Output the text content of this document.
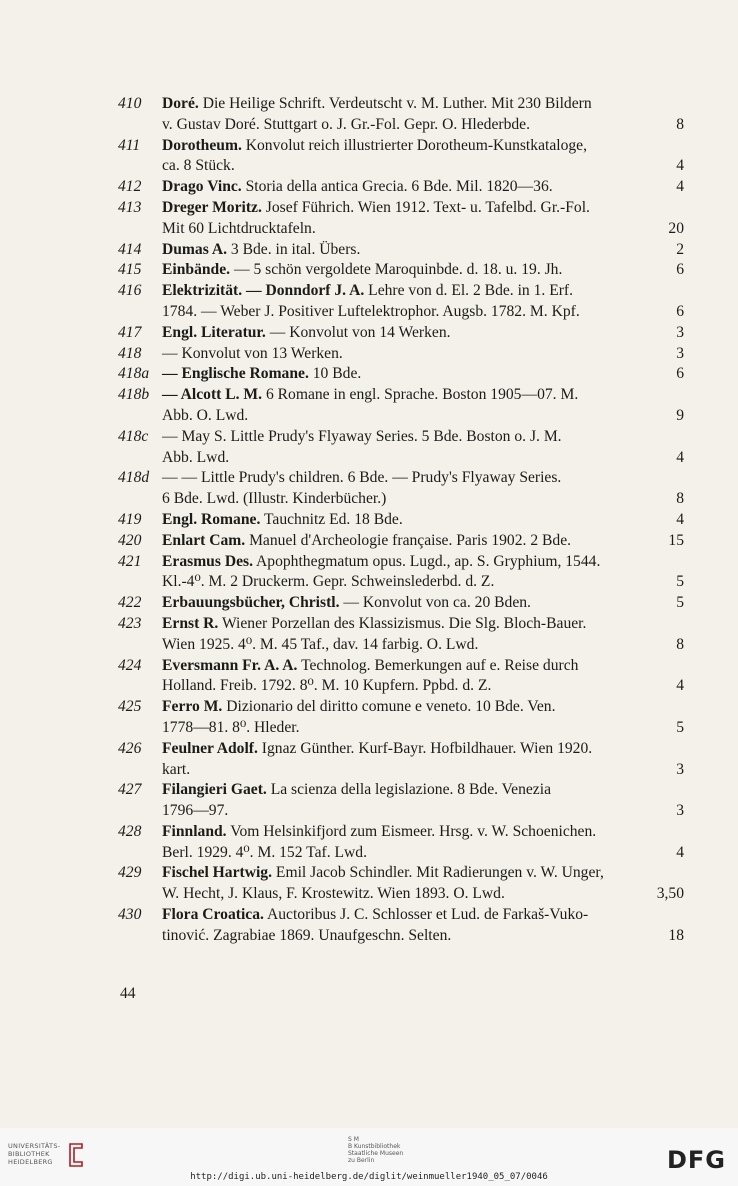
410 Doré. Die Heilige Schrift. Verdeutscht v. M. Luther. Mit 230 Bildern
v. Gustav Doré. Stuttgart o. J. Gr.-Fol. Gepr. O. Hlederbde.	8
411 Dorotheum. Konvolut reich illustrierter Dorotheum-Kunstkataloge,
ca. 8 Stück.	4
412 Drago Vinc. Storia della antica Grecia. 6 Bde. Mil. 1820—36.	4
413 Dreger Moritz. Josef Führich. Wien 1912. Text- u. Tafelbd. Gr.-Fol.
Mit 60 Lichtdrucktafeln.	20
414 Dumas A. 3 Bde. in ital. Übers.	2
415 Einbände. — 5 schön vergoldete Maroquinbde. d. 18. u. 19. Jh.	6
416 Elektrizität. — Donndorf J. A. Lehre von d. El. 2 Bde. in 1. Erf.
1784. — Weber J. Positiver Luftelektrophor. Augsb. 1782. M. Kpf.	6
417 Engl. Literatur. — Konvolut von 14 Werken.	3
418 — Konvolut von 13 Werken.	3
418a — Englische Romane. 10 Bde.	6
418b — Alcott L. M. 6 Romane in engl. Sprache. Boston 1905—07. M.
Abb. O. Lwd.	9
418c — May S. Little Prudy's Flyaway Series. 5 Bde. Boston o. J. M.
Abb. Lwd.	4
418d — — Little Prudy's children. 6 Bde. — Prudy's Flyaway Series.
6 Bde. Lwd. (Illustr. Kinderbücher.)	8
419 Engl. Romane. Tauchnitz Ed. 18 Bde.	4
420 Enlart Cam. Manuel d'Archeologie française. Paris 1902. 2 Bde.	15
421 Erasmus Des. Apophthegmatum opus. Lugd., ap. S. Gryphium, 1544.
Kl.-4⁰. M. 2 Druckerm. Gepr. Schweinslederbd. d. Z.	5
422 Erbauungsbücher, Christl. — Konvolut von ca. 20 Bden.	5
423 Ernst R. Wiener Porzellan des Klassizismus. Die Slg. Bloch-Bauer.
Wien 1925. 4⁰. M. 45 Taf., dav. 14 farbig. O. Lwd.	8
424 Eversmann Fr. A. A. Technolog. Bemerkungen auf e. Reise durch
Holland. Freib. 1792. 8⁰. M. 10 Kupfern. Ppbd. d. Z.	4
425 Ferro M. Dizionario del diritto comune e veneto. 10 Bde. Ven.
1778—81. 8⁰. Hleder.	5
426 Feulner Adolf. Ignaz Günther. Kurf-Bayr. Hofbildhauer. Wien 1920.
kart.	3
427 Filangieri Gaet. La scienza della legislazione. 8 Bde. Venezia
1796—97.	3
428 Finnland. Vom Helsinkifjord zum Eismeer. Hrsg. v. W. Schoenichen.
Berl. 1929. 4⁰. M. 152 Taf. Lwd.	4
429 Fischel Hartwig. Emil Jacob Schindler. Mit Radierungen v. W. Unger,
W. Hecht, J. Klaus, F. Krostewitz. Wien 1893. O. Lwd.	3,50
430 Flora Croatica. Auctoribus J. C. Schlosser et Lud. de Farkaš-Vuko-
tinović. Zagrabiae 1869. Unaufgeschn. Selten.	18
44
UNIVERSITÄTS-
BIBLIOTHEK
HEIDELBERG
S M
B Kunstbibliothek
Staatliche Museen
zu Berlin	DFG
http://digi.ub.uni-heidelberg.de/diglit/weinmueller1940_05_07/0046
